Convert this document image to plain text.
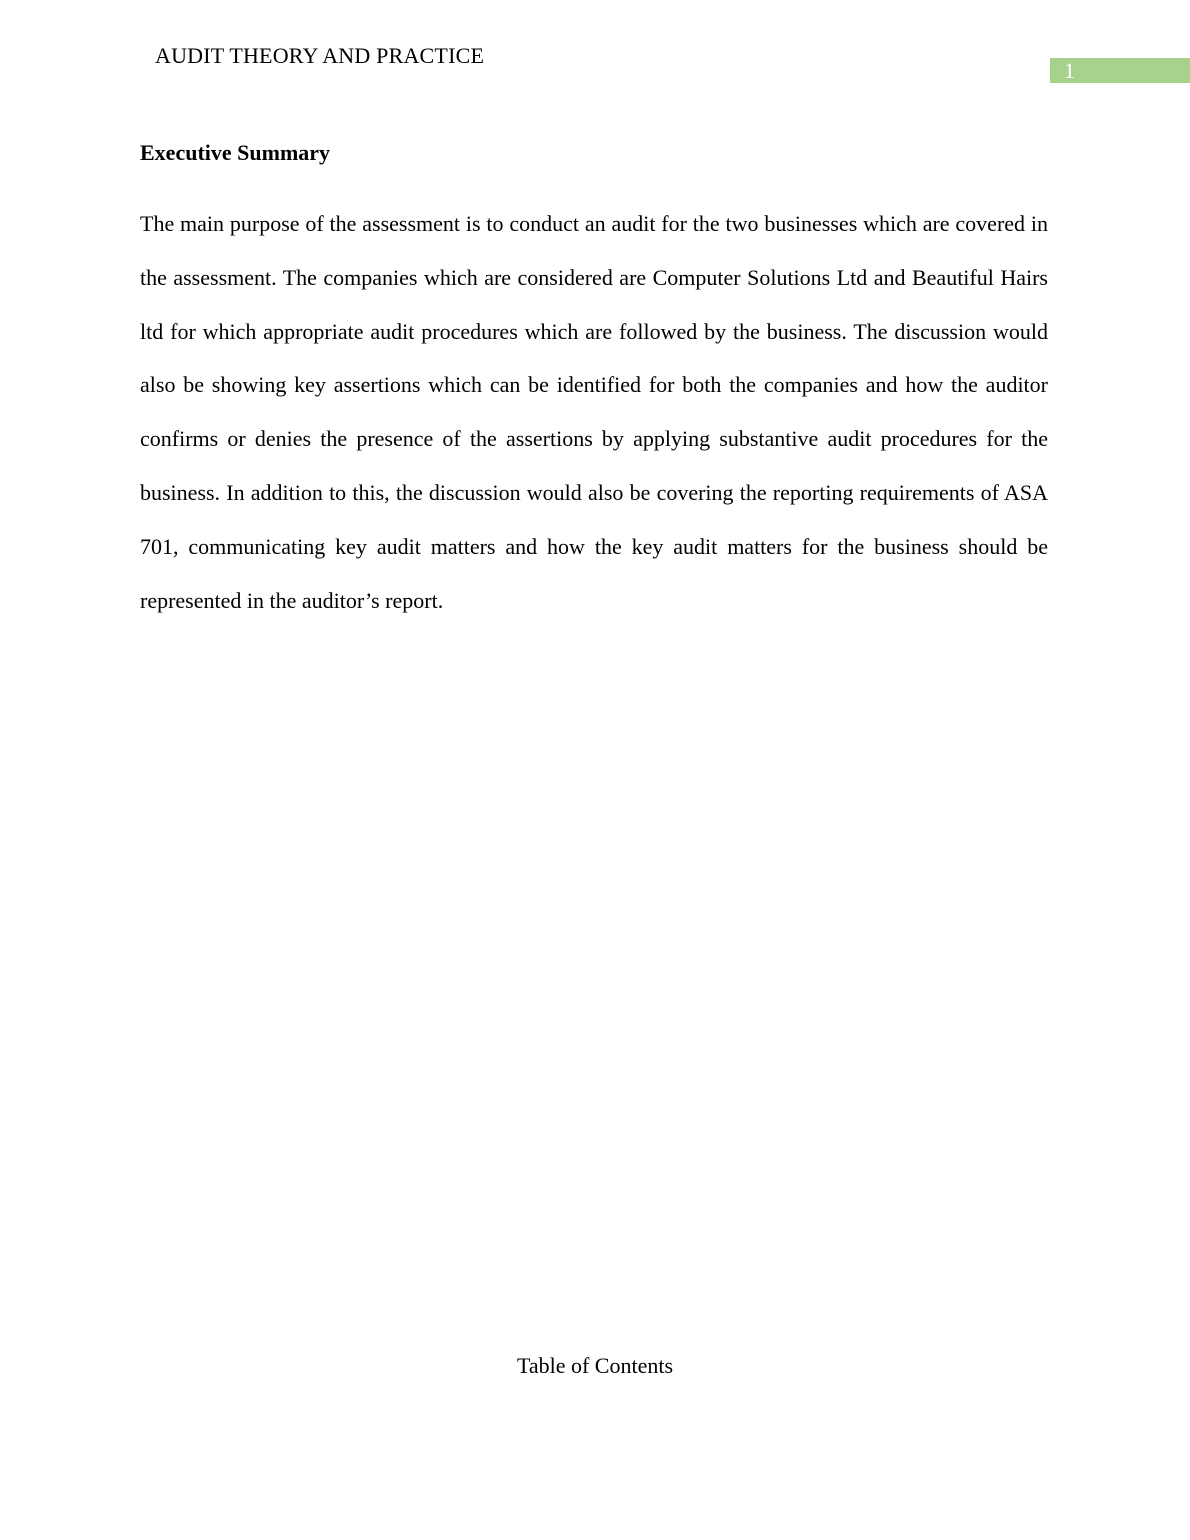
AUDIT THEORY AND PRACTICE
1
Executive Summary

The main purpose of the assessment is to conduct an audit for the two businesses which are covered in the assessment. The companies which are considered are Computer Solutions Ltd and Beautiful Hairs ltd for which appropriate audit procedures which are followed by the business. The discussion would also be showing key assertions which can be identified for both the companies and how the auditor confirms or denies the presence of the assertions by applying substantive audit procedures for the business. In addition to this, the discussion would also be covering the reporting requirements of ASA 701, communicating key audit matters and how the key audit matters for the business should be represented in the auditor’s report.

Table of Contents
